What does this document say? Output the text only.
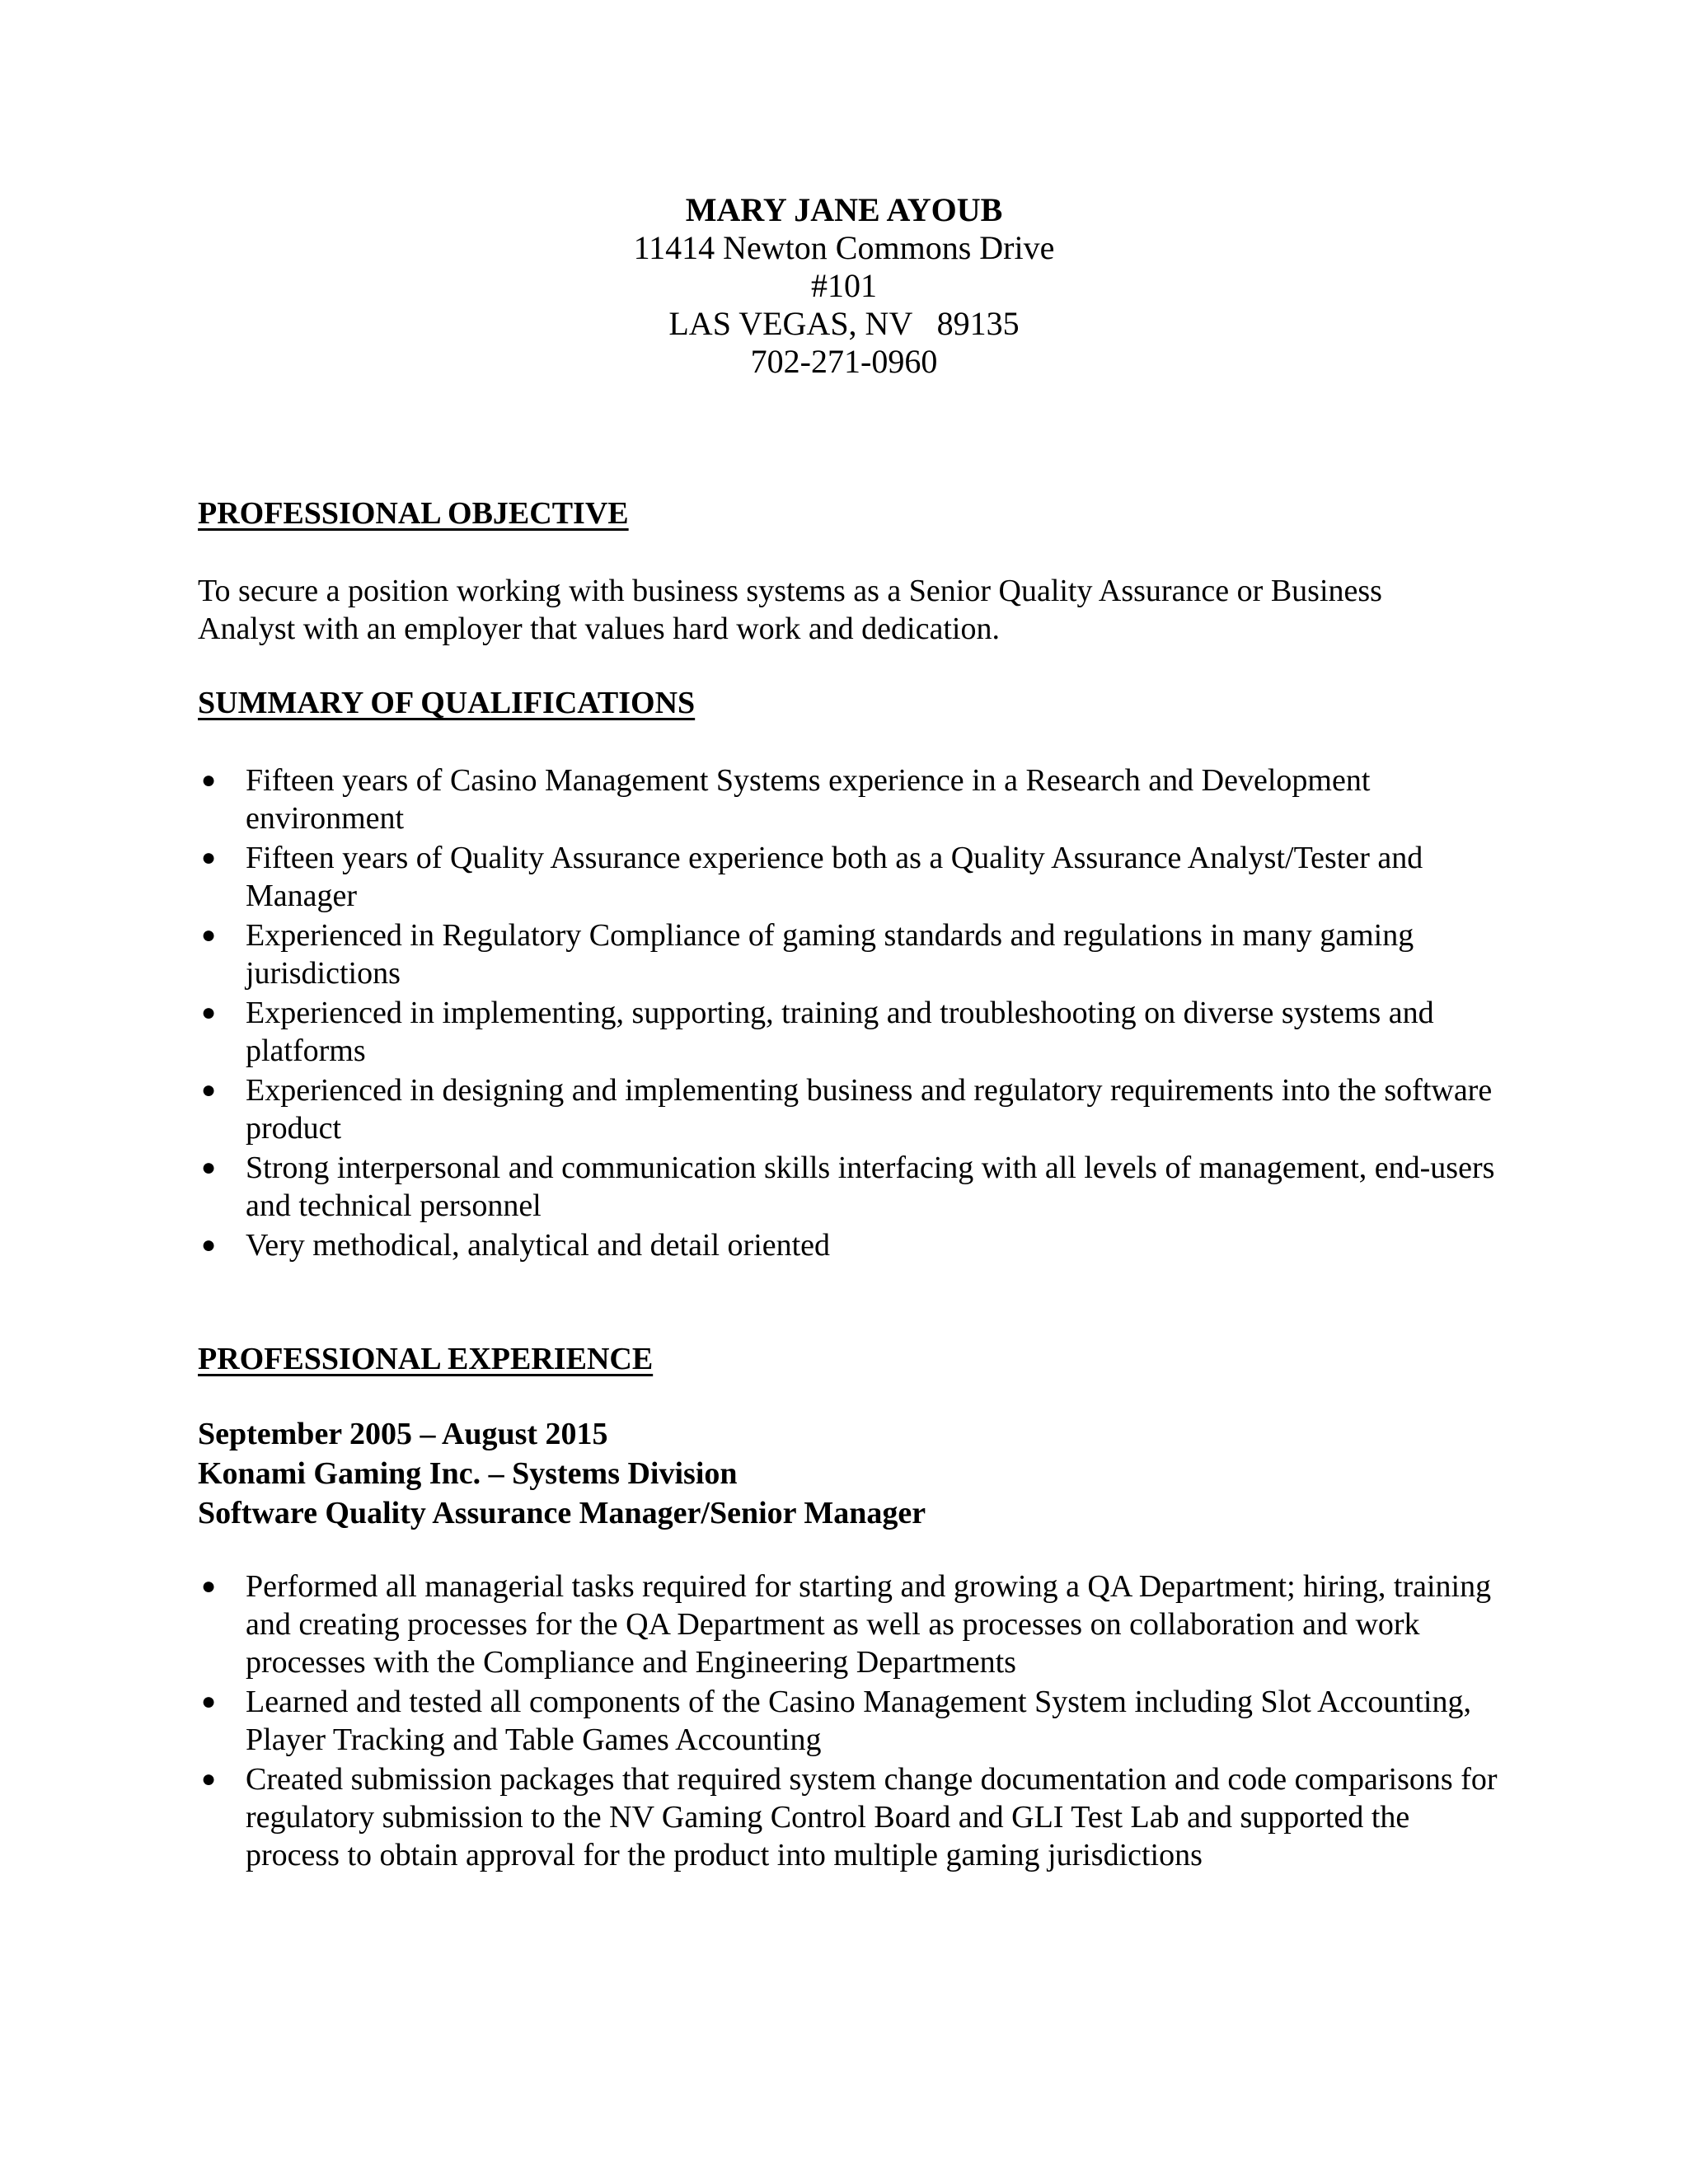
MARY JANE AYOUB
11414 Newton Commons Drive
#101
LAS VEGAS, NV   89135
702-271-0960
PROFESSIONAL OBJECTIVE
To secure a position working with business systems as a Senior Quality Assurance or Business Analyst with an employer that values hard work and dedication.
SUMMARY OF QUALIFICATIONS
● Fifteen years of Casino Management Systems experience in a Research and Development environment
● Fifteen years of Quality Assurance experience both as a Quality Assurance Analyst/Tester and Manager
● Experienced in Regulatory Compliance of gaming standards and regulations in many gaming jurisdictions
● Experienced in implementing, supporting, training and troubleshooting on diverse systems and platforms
● Experienced in designing and implementing business and regulatory requirements into the software product
● Strong interpersonal and communication skills interfacing with all levels of management, end-users and technical personnel
● Very methodical, analytical and detail oriented
PROFESSIONAL EXPERIENCE
September 2005 – August 2015
Konami Gaming Inc. – Systems Division
Software Quality Assurance Manager/Senior Manager
● Performed all managerial tasks required for starting and growing a QA Department; hiring, training and creating processes for the QA Department as well as processes on collaboration and work processes with the Compliance and Engineering Departments
● Learned and tested all components of the Casino Management System including Slot Accounting, Player Tracking and Table Games Accounting
● Created submission packages that required system change documentation and code comparisons for regulatory submission to the NV Gaming Control Board and GLI Test Lab and supported the process to obtain approval for the product into multiple gaming jurisdictions
